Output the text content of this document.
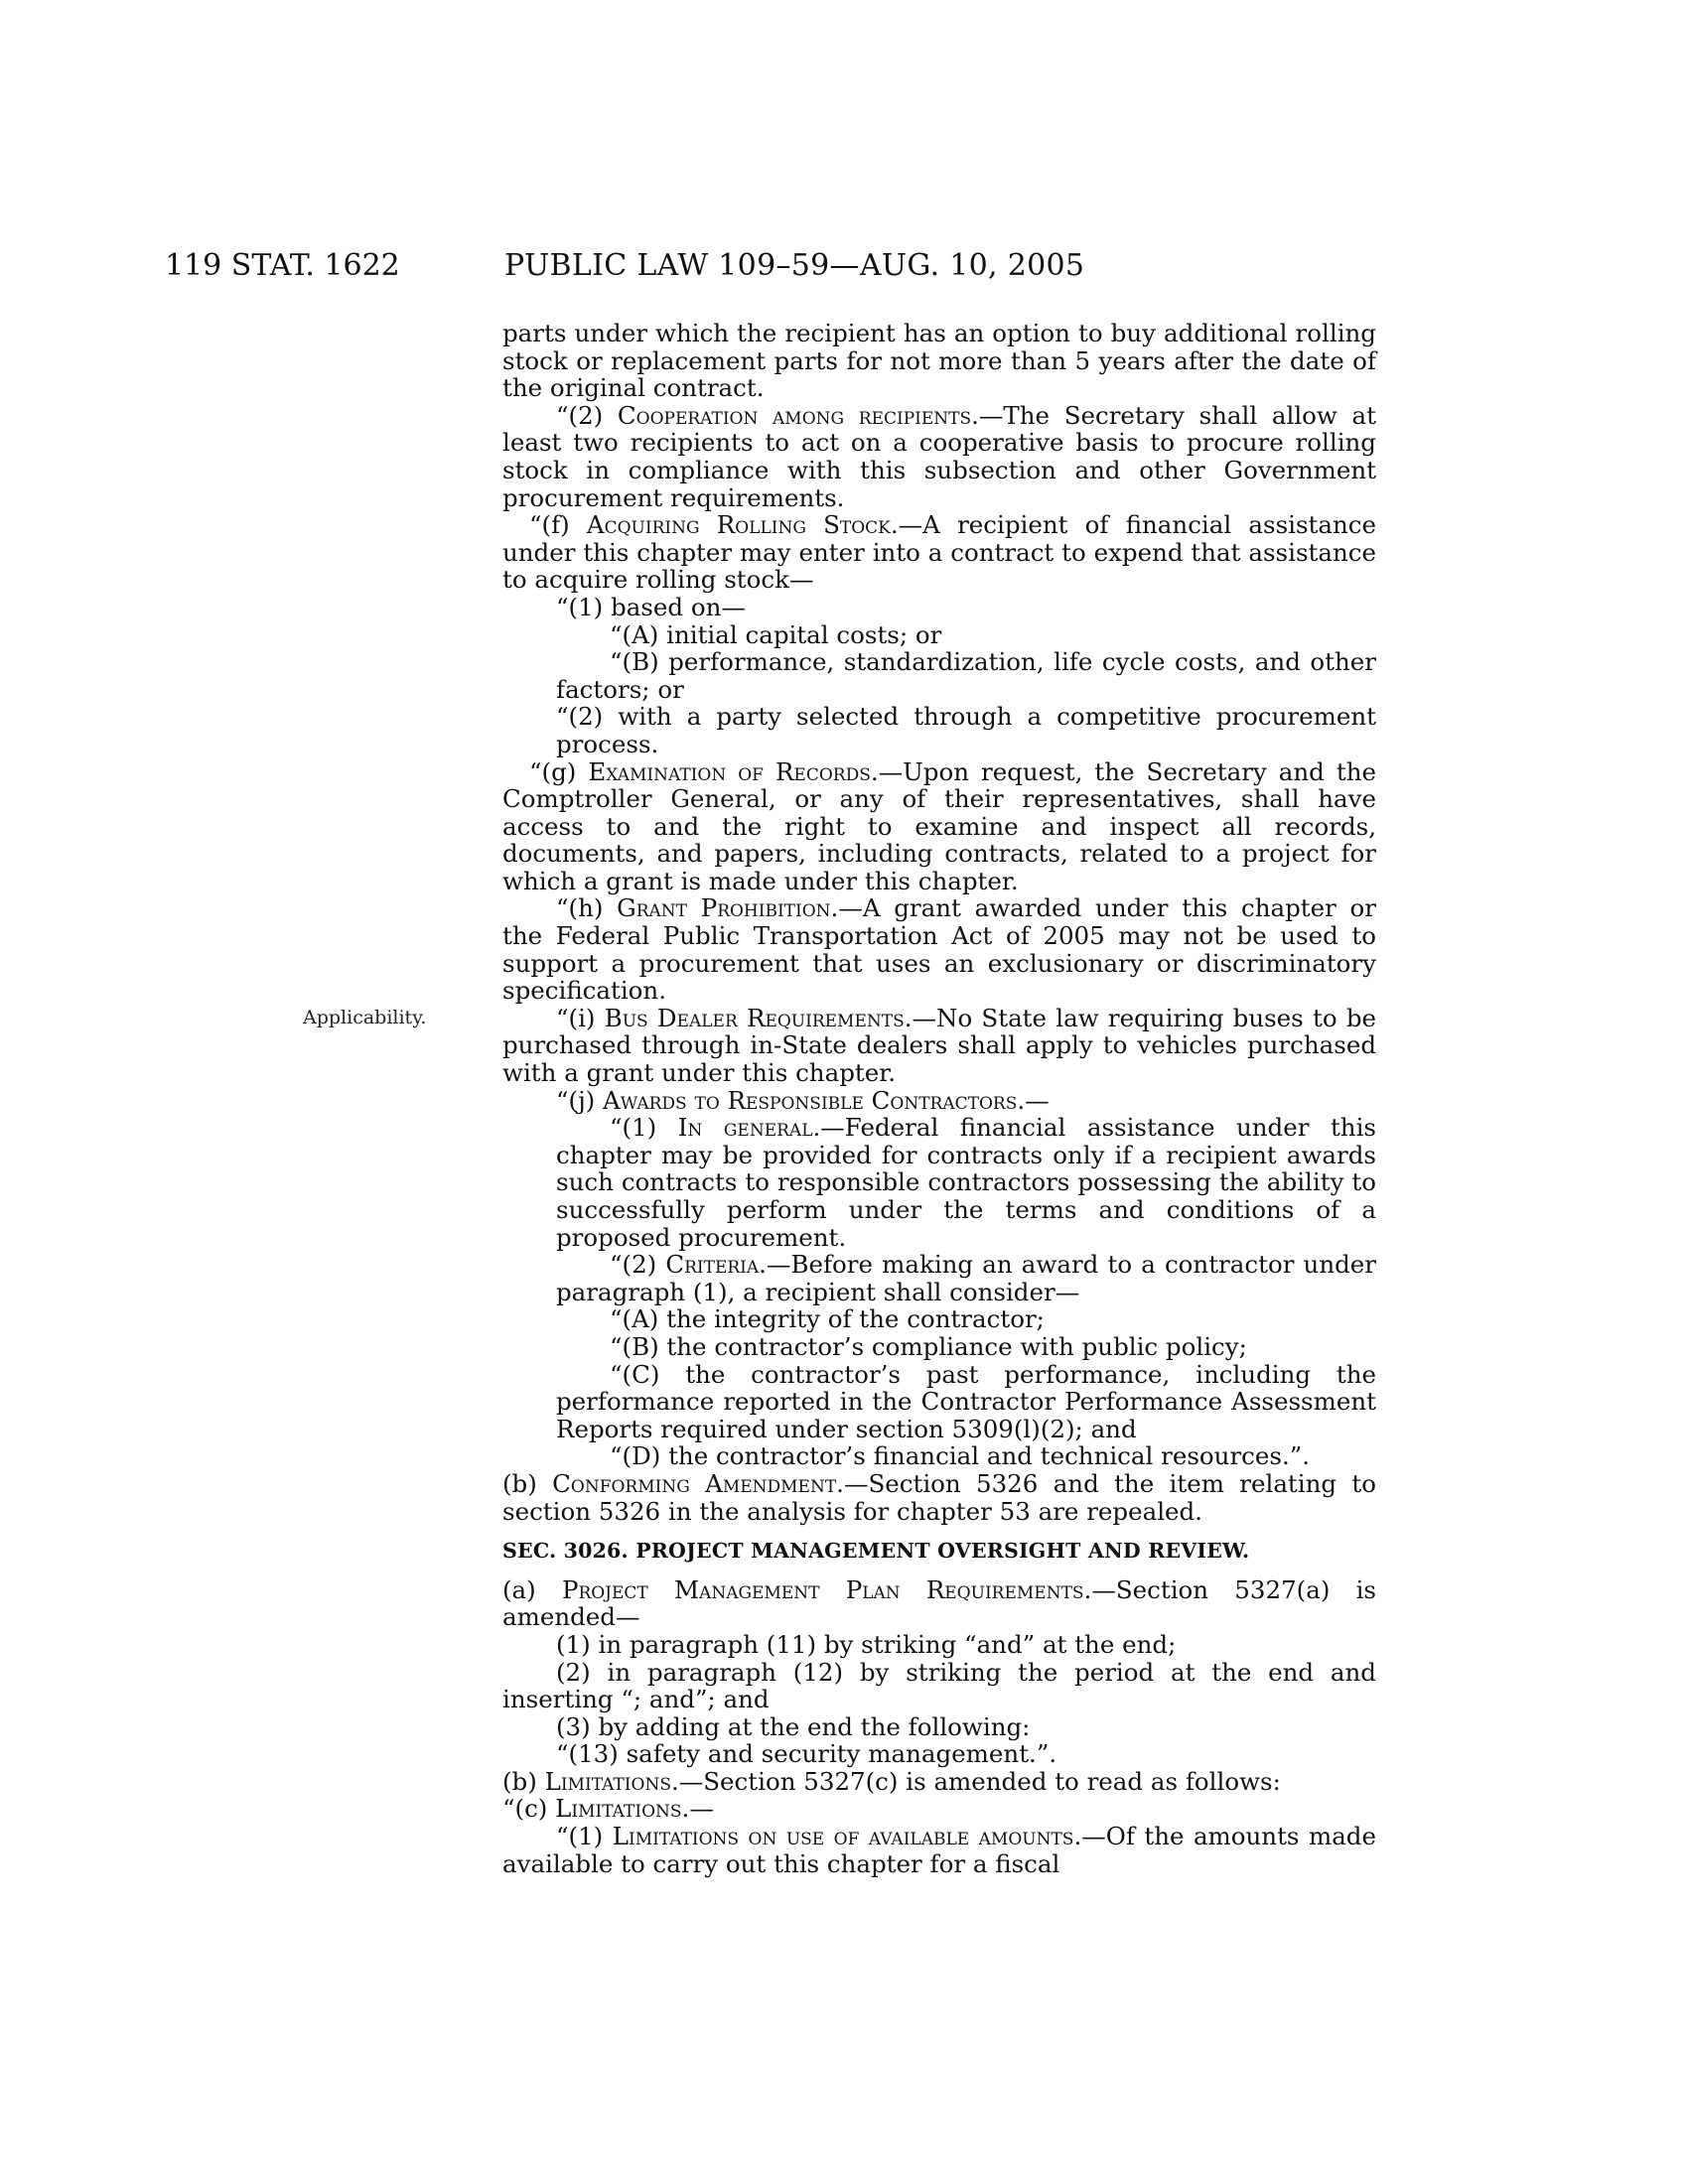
119 STAT. 1622	PUBLIC LAW 109–59—AUG. 10, 2005
Applicability.

parts under which the recipient has an option to buy additional rolling stock or replacement parts for not more than 5 years after the date of the original contract.

“(2) Cooperation among recipients.—The Secretary shall allow at least two recipients to act on a cooperative basis to procure rolling stock in compliance with this subsection and other Government procurement requirements.

“(f) Acquiring Rolling Stock.—A recipient of financial assistance under this chapter may enter into a contract to expend that assistance to acquire rolling stock—

“(1) based on—

“(A) initial capital costs; or

“(B) performance, standardization, life cycle costs, and other factors; or

“(2) with a party selected through a competitive procurement process.

“(g) Examination of Records.—Upon request, the Secretary and the Comptroller General, or any of their representatives, shall have access to and the right to examine and inspect all records, documents, and papers, including contracts, related to a project for which a grant is made under this chapter.

“(h) Grant Prohibition.—A grant awarded under this chapter or the Federal Public Transportation Act of 2005 may not be used to support a procurement that uses an exclusionary or discriminatory specification.

“(i) Bus Dealer Requirements.—No State law requiring buses to be purchased through in-State dealers shall apply to vehicles purchased with a grant under this chapter.

“(j) Awards to Responsible Contractors.—

“(1) In general.—Federal financial assistance under this chapter may be provided for contracts only if a recipient awards such contracts to responsible contractors possessing the ability to successfully perform under the terms and conditions of a proposed procurement.

“(2) Criteria.—Before making an award to a contractor under paragraph (1), a recipient shall consider—

“(A) the integrity of the contractor;

“(B) the contractor’s compliance with public policy;

“(C) the contractor’s past performance, including the performance reported in the Contractor Performance Assessment Reports required under section 5309(l)(2); and

“(D) the contractor’s financial and technical resources.”.

(b) Conforming Amendment.—Section 5326 and the item relating to section 5326 in the analysis for chapter 53 are repealed.

SEC. 3026. PROJECT MANAGEMENT OVERSIGHT AND REVIEW.

(a) Project Management Plan Requirements.—Section 5327(a) is amended—

(1) in paragraph (11) by striking “and” at the end;

(2) in paragraph (12) by striking the period at the end and inserting “; and”; and

(3) by adding at the end the following:

“(13) safety and security management.”.

(b) Limitations.—Section 5327(c) is amended to read as follows:

“(c) Limitations.—

“(1) Limitations on use of available amounts.—Of the amounts made available to carry out this chapter for a fiscal
